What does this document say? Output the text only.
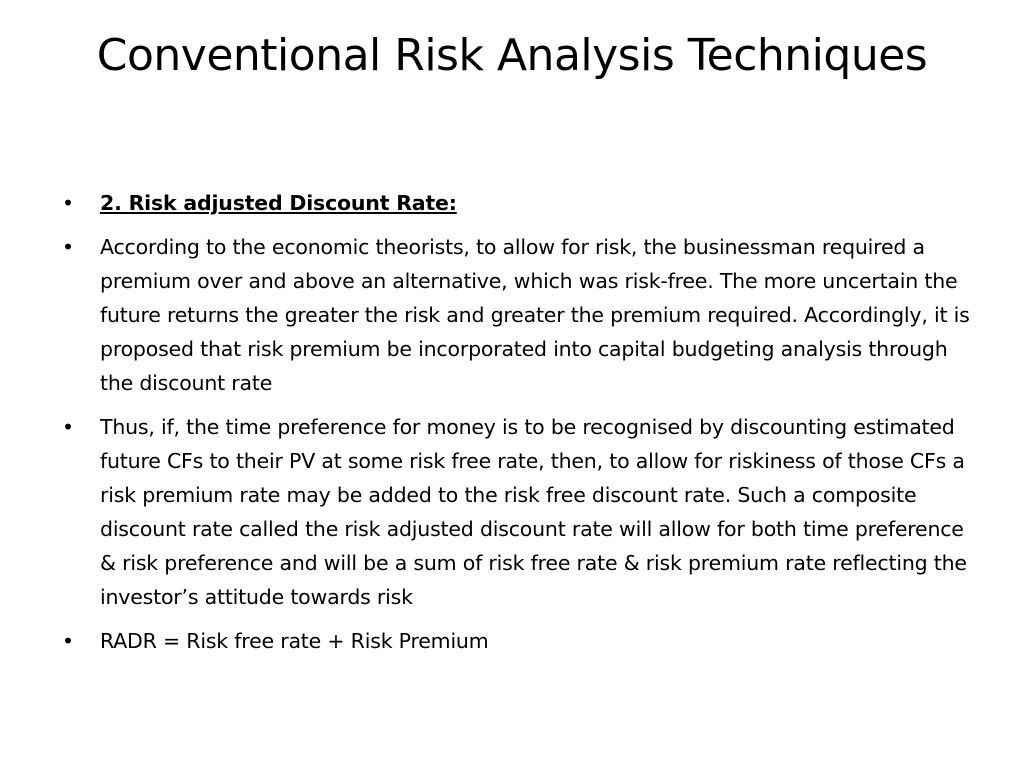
Conventional Risk Analysis Techniques
•	2. Risk adjusted Discount Rate:
•	According to the economic theorists, to allow for risk, the businessman required a premium over and above an alternative, which was risk-free. The more uncertain the future returns the greater the risk and greater the premium required. Accordingly, it is proposed that risk premium be incorporated into capital budgeting analysis through the discount rate
•	Thus, if, the time preference for money is to be recognised by discounting estimated future CFs to their PV at some risk free rate, then, to allow for riskiness of those CFs a risk premium rate may be added to the risk free discount rate. Such a composite discount rate called the risk adjusted discount rate will allow for both time preference & risk preference and will be a sum of risk free rate & risk premium rate reflecting the investor’s attitude towards risk
•	RADR = Risk free rate + Risk Premium
